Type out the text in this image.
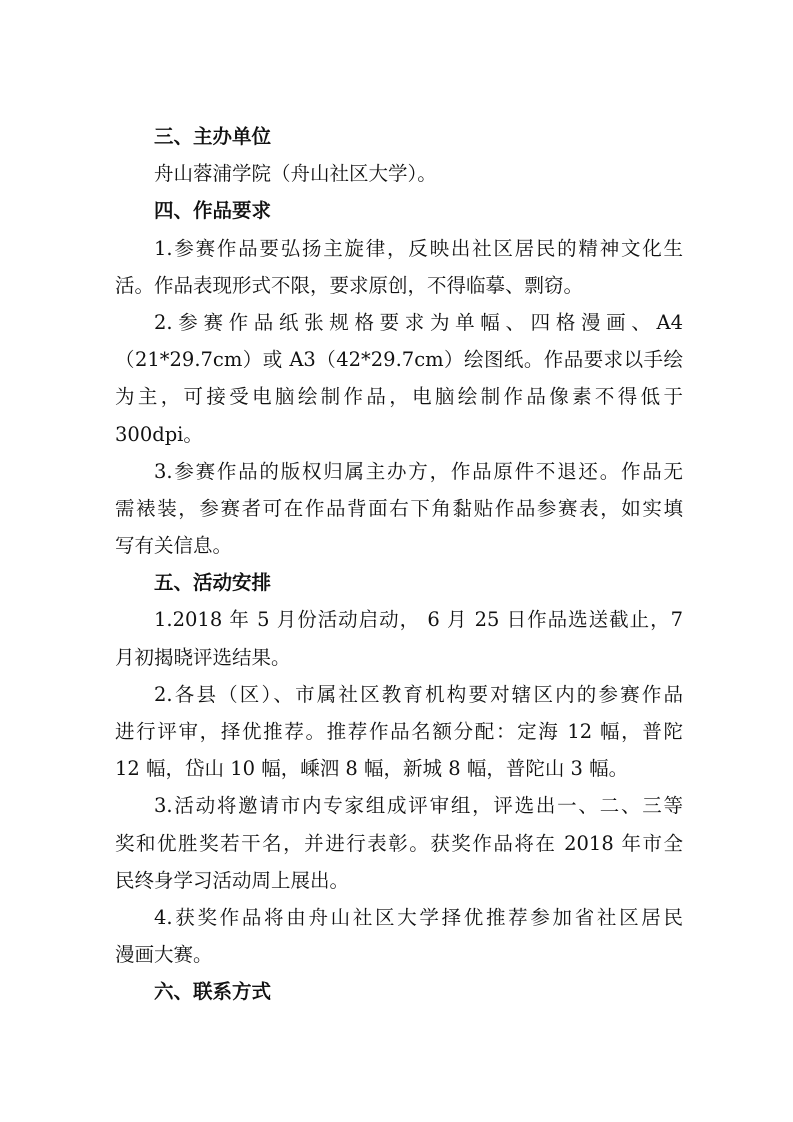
三、主办单位
舟山蓉浦学院（舟山社区大学）。
四、作品要求
1.参赛作品要弘扬主旋律，反映出社区居民的精神文化生
活。作品表现形式不限，要求原创，不得临摹、剽窃。
2.参赛作品纸张规格要求为单幅、四格漫画、A4
（21*29.7cm）或 A3（42*29.7cm）绘图纸。作品要求以手绘
为主，可接受电脑绘制作品，电脑绘制作品像素不得低于
300dpi。
3.参赛作品的版权归属主办方，作品原件不退还。作品无
需裱装，参赛者可在作品背面右下角黏贴作品参赛表，如实填
写有关信息。
五、活动安排
1.2018 年 5 月份活动启动， 6 月 25 日作品选送截止，7
月初揭晓评选结果。
2.各县（区）、市属社区教育机构要对辖区内的参赛作品
进行评审，择优推荐。推荐作品名额分配：定海 12 幅，普陀
12 幅，岱山 10 幅，嵊泗 8 幅，新城 8 幅，普陀山 3 幅。
3.活动将邀请市内专家组成评审组，评选出一、二、三等
奖和优胜奖若干名，并进行表彰。获奖作品将在 2018 年市全
民终身学习活动周上展出。
4.获奖作品将由舟山社区大学择优推荐参加省社区居民
漫画大赛。
六、联系方式
